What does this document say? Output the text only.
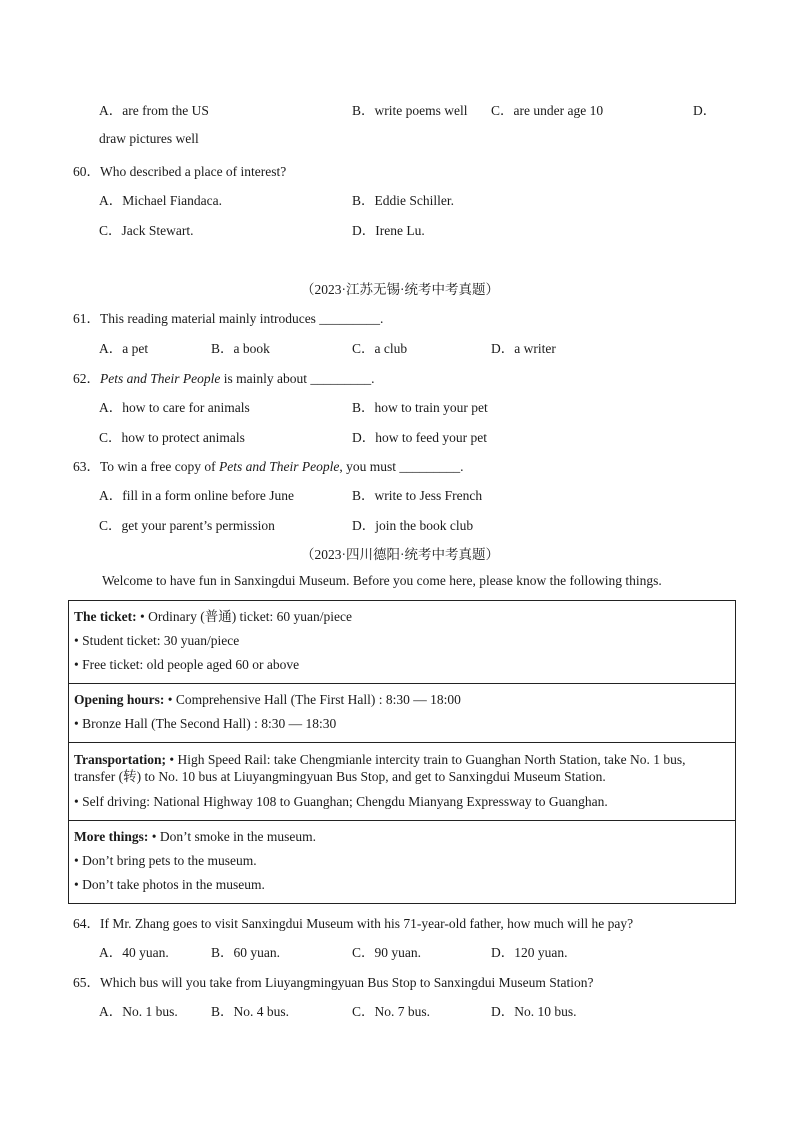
A．are from the US	B．write poems well C．are under age 10	D．
draw pictures well
60．Who described a place of interest?
A．Michael Fiandaca.	B．Eddie Schiller.
C．Jack Stewart.	D．Irene Lu.
（2023·江苏无锡·统考中考真题）
61．This reading material mainly introduces _________.
A．a pet	B．a book	C．a club	D．a writer
62．Pets and Their People is mainly about _________.
A．how to care for animals	B．how to train your pet
C．how to protect animals	D．how to feed your pet
63．To win a free copy of Pets and Their People, you must _________.
A．fill in a form online before June	B．write to Jess French
C．get your parent’s permission	D．join the book club
（2023·四川德阳·统考中考真题）
Welcome to have fun in Sanxingdui Museum. Before you come here, please know the following things.
The ticket: • Ordinary (普通) ticket: 60 yuan/piece
• Student ticket: 30 yuan/piece
• Free ticket: old people aged 60 or above
Opening hours: • Comprehensive Hall (The First Hall) : 8:30 — 18:00
• Bronze Hall (The Second Hall) : 8:30 — 18:30
Transportation; • High Speed Rail: take Chengmianle intercity train to Guanghan North Station, take No. 1 bus, transfer (转) to No. 10 bus at Liuyangmingyuan Bus Stop, and get to Sanxingdui Museum Station.
• Self driving: National Highway 108 to Guanghan; Chengdu Mianyang Expressway to Guanghan.
More things: • Don’t smoke in the museum.
• Don’t bring pets to the museum.
• Don’t take photos in the museum.
64．If Mr. Zhang goes to visit Sanxingdui Museum with his 71-year-old father, how much will he pay?
A．40 yuan.	B．60 yuan.	C．90 yuan.	D．120 yuan.
65．Which bus will you take from Liuyangmingyuan Bus Stop to Sanxingdui Museum Station?
A．No. 1 bus. B．No. 4 bus.	C．No. 7 bus.	D．No. 10 bus.
